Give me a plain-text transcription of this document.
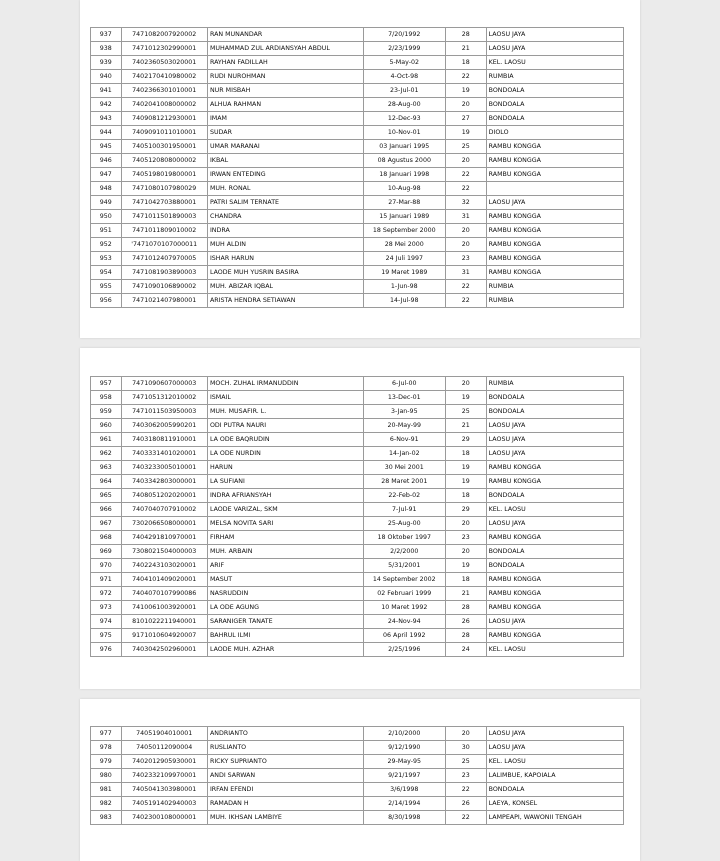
937	7471082007920002	RAN MUNANDAR	7/20/1992	28	LAOSU JAYA
938	7471012302990001	MUHAMMAD ZUL ARDIANSYAH ABDUL	2/23/1999	21	LAOSU JAYA
939	7402360503020001	RAYHAN FADILLAH	5-May-02	18	KEL. LAOSU
940	7402170410980002	RUDI NUROHMAN	4-Oct-98	22	RUMBIA
941	7402366301010001	NUR MISBAH	23-Jul-01	19	BONDOALA
942	7402041008000002	ALHUA RAHMAN	28-Aug-00	20	BONDOALA
943	7409081212930001	IMAM	12-Dec-93	27	BONDOALA
944	7409091011010001	SUDAR	10-Nov-01	19	DIOLO
945	7405100301950001	UMAR MARANAI	03 Januari 1995	25	RAMBU KONGGA
946	7405120808000002	IKBAL	08 Agustus 2000	20	RAMBU KONGGA
947	7405198019800001	IRWAN ENTEDING	18 Januari 1998	22	RAMBU KONGGA
948	7471080107980029	MUH. RONAL	10-Aug-98	22	
949	7471042703880001	PATRI SALIM TERNATE	27-Mar-88	32	LAOSU JAYA
950	7471011501890003	CHANDRA	15 Januari 1989	31	RAMBU KONGGA
951	7471011809010002	INDRA	18 September 2000	20	RAMBU KONGGA
952	'7471070107000011	MUH ALDIN	28 Mei 2000	20	RAMBU KONGGA
953	7471012407970005	ISHAR HARUN	24 Juli 1997	23	RAMBU KONGGA
954	7471081903890003	LAODE MUH YUSRIN BASIRA	19 Maret 1989	31	RAMBU KONGGA
955	7471090106890002	MUH. ABIZAR IQBAL	1-Jun-98	22	RUMBIA
956	7471021407980001	ARISTA HENDRA SETIAWAN	14-Jul-98	22	RUMBIA
957	7471090607000003	MOCH. ZUHAL IRMANUDDIN	6-Jul-00	20	RUMBIA
958	7471051312010002	ISMAIL	13-Dec-01	19	BONDOALA
959	7471011503950003	MUH. MUSAFIR. L.	3-Jan-95	25	BONDOALA
960	7403062005990201	ODI PUTRA NAURI	20-May-99	21	LAOSU JAYA
961	7403180811910001	LA ODE BAQRUDIN	6-Nov-91	29	LAOSU JAYA
962	7403331401020001	LA ODE NURDIN	14-Jan-02	18	LAOSU JAYA
963	7403233005010001	HARUN	30 Mei 2001	19	RAMBU KONGGA
964	7403342803000001	LA SUFIANI	28 Maret 2001	19	RAMBU KONGGA
965	7408051202020001	INDRA AFRIANSYAH	22-Feb-02	18	BONDOALA
966	7407040707910002	LAODE VARIZAL, SKM	7-Jul-91	29	KEL. LAOSU
967	7302066508000001	MELSA NOVITA SARI	25-Aug-00	20	LAOSU JAYA
968	7404291810970001	FIRHAM	18 Oktober 1997	23	RAMBU KONGGA
969	7308021504000003	MUH. ARBAIN	2/2/2000	20	BONDOALA
970	7402243103020001	ARIF	5/31/2001	19	BONDOALA
971	7404101409020001	MASUT	14 September 2002	18	RAMBU KONGGA
972	7404070107990086	NASRUDDIN	02 Februari 1999	21	RAMBU KONGGA
973	7410061003920001	LA ODE AGUNG	10 Maret 1992	28	RAMBU KONGGA
974	8101022211940001	SARANIGER TANATE	24-Nov-94	26	LAOSU JAYA
975	9171010604920007	BAHRUL ILMI	06 April 1992	28	RAMBU KONGGA
976	7403042502960001	LAODE MUH. AZHAR	2/25/1996	24	KEL. LAOSU
977	74051904010001	ANDRIANTO	2/10/2000	20	LAOSU JAYA
978	74050112090004	RUSLIANTO	9/12/1990	30	LAOSU JAYA
979	7402012905930001	RICKY SUPRIANTO	29-May-95	25	KEL. LAOSU
980	7402332109970001	ANDI SARWAN	9/21/1997	23	LALIMBUE, KAPOIALA
981	7405041303980001	IRFAN EFENDI	3/6/1998	22	BONDOALA
982	7405191402940003	RAMADAN H	2/14/1994	26	LAEYA, KONSEL
983	7402300108000001	MUH. IKHSAN LAMBIYE	8/30/1998	22	LAMPEAPI, WAWONII TENGAH
